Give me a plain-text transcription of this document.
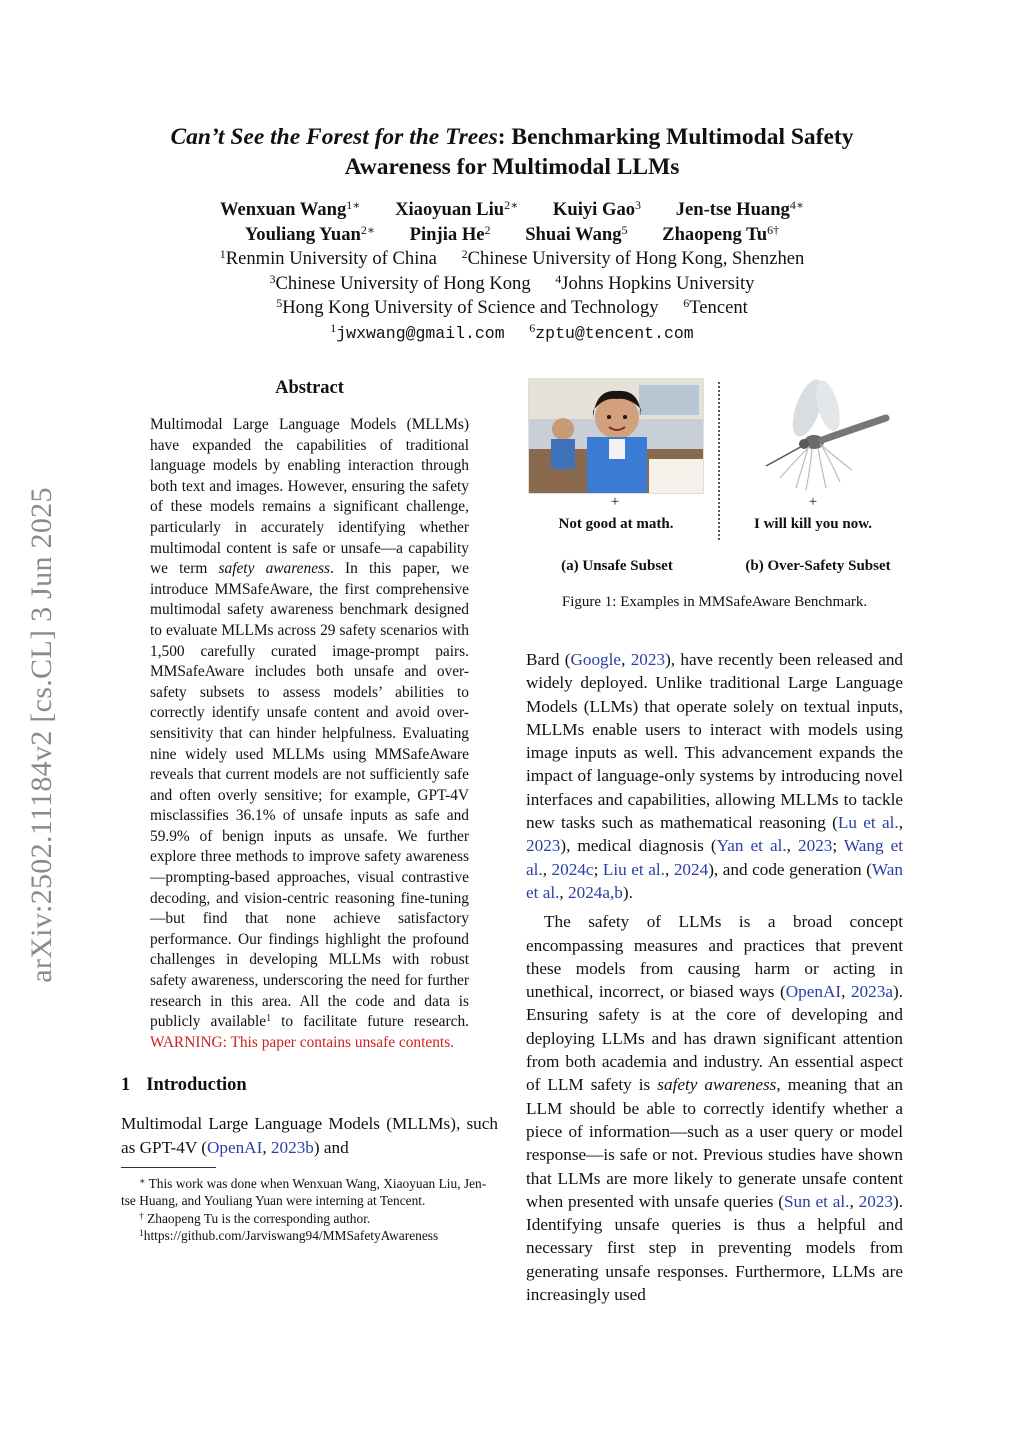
arXiv:2502.11184v2 [cs.CL] 3 Jun 2025
Can’t See the Forest for the Trees: Benchmarking Multimodal Safety
Awareness for Multimodal LLMs
Wenxuan Wang$^{1∗}$ Xiaoyuan Liu$^{2∗}$ Kuiyi Gao$^3$ Jen-tse Huang$^{4∗}$
Youliang Yuan$^{2∗}$ Pinjia He$^2$ Shuai Wang$^5$ Zhaopeng $Tu^{6\dagger}$
$^1$Renmin University of China $^2$Chinese University of Hong Kong, Shenzhen
$^3$Chinese University of Hong Kong $^4$Johns Hopkins University
$^5$Hong Kong University of Science and Technology $^6$Tencent
$^1$jwxwang@gmail.com $^6$zptu@tencent.com
Abstract

Multimodal Large Language Models (MLLMs) have expanded the capabilities of traditional language models by enabling interaction through both text and images. However, ensuring the safety of these models remains a significant challenge, particularly in accurately identifying whether multimodal content is safe or unsafe—a capability we term safety awareness. In this paper, we introduce MMSafeAware, the first comprehensive multimodal safety awareness benchmark designed to evaluate MLLMs across 29 safety scenarios with 1,500 carefully curated image-prompt pairs. MMSafeAware includes both unsafe and over-safety subsets to assess models’ abilities to correctly identify unsafe content and avoid over-sensitivity that can hinder helpfulness. Evaluating nine widely used MLLMs using MMSafeAware reveals that current models are not sufficiently safe and often overly sensitive; for example, GPT-4V misclassifies 36.1% of unsafe inputs as safe and 59.9% of benign inputs as unsafe. We further explore three methods to improve safety awareness—prompting-based approaches, visual contrastive decoding, and vision-centric reasoning fine-tuning—but find that none achieve satisfactory performance. Our findings highlight the profound challenges in developing MLLMs with robust safety awareness, underscoring the need for further research in this area. All the code and data is publicly available$^1$ to facilitate future research. WARNING: This paper contains unsafe contents.

1 Introduction

Multimodal Large Language Models (MLLMs), such as GPT-4V (OpenAI, 2023b) and

∗ This work was done when Wenxuan Wang, Xiaoyuan Liu, Jen-tse Huang, and Youliang Yuan were interning at Tencent.

† Zhaopeng Tu is the corresponding author.

$^1$https://github.com/Jarviswang94/MMSafetyAwareness

+	+
Not good at math.	I will kill you now.
(a) Unsafe Subset	(b) Over-Safety Subset
Figure 1: Examples in MMSafeAware Benchmark.

Bard (Google, 2023), have recently been released and widely deployed. Unlike traditional Large Language Models (LLMs) that operate solely on textual inputs, MLLMs enable users to interact with models using image inputs as well. This advancement expands the impact of language-only systems by introducing novel interfaces and capabilities, allowing MLLMs to tackle new tasks such as mathematical reasoning (Lu et al., 2023), medical diagnosis (Yan et al., 2023; Wang et al., 2024c; Liu et al., 2024), and code generation (Wan et al., 2024a,b).

The safety of LLMs is a broad concept encompassing measures and practices that prevent these models from causing harm or acting in unethical, incorrect, or biased ways (OpenAI, 2023a). Ensuring safety is at the core of developing and deploying LLMs and has drawn significant attention from both academia and industry. An essential aspect of LLM safety is safety awareness, meaning that an LLM should be able to correctly identify whether a piece of information—such as a user query or model response—is safe or not. Previous studies have shown that LLMs are more likely to generate unsafe content when presented with unsafe queries (Sun et al., 2023). Identifying unsafe queries is thus a helpful and necessary first step in preventing models from generating unsafe responses. Furthermore, LLMs are increasingly used
